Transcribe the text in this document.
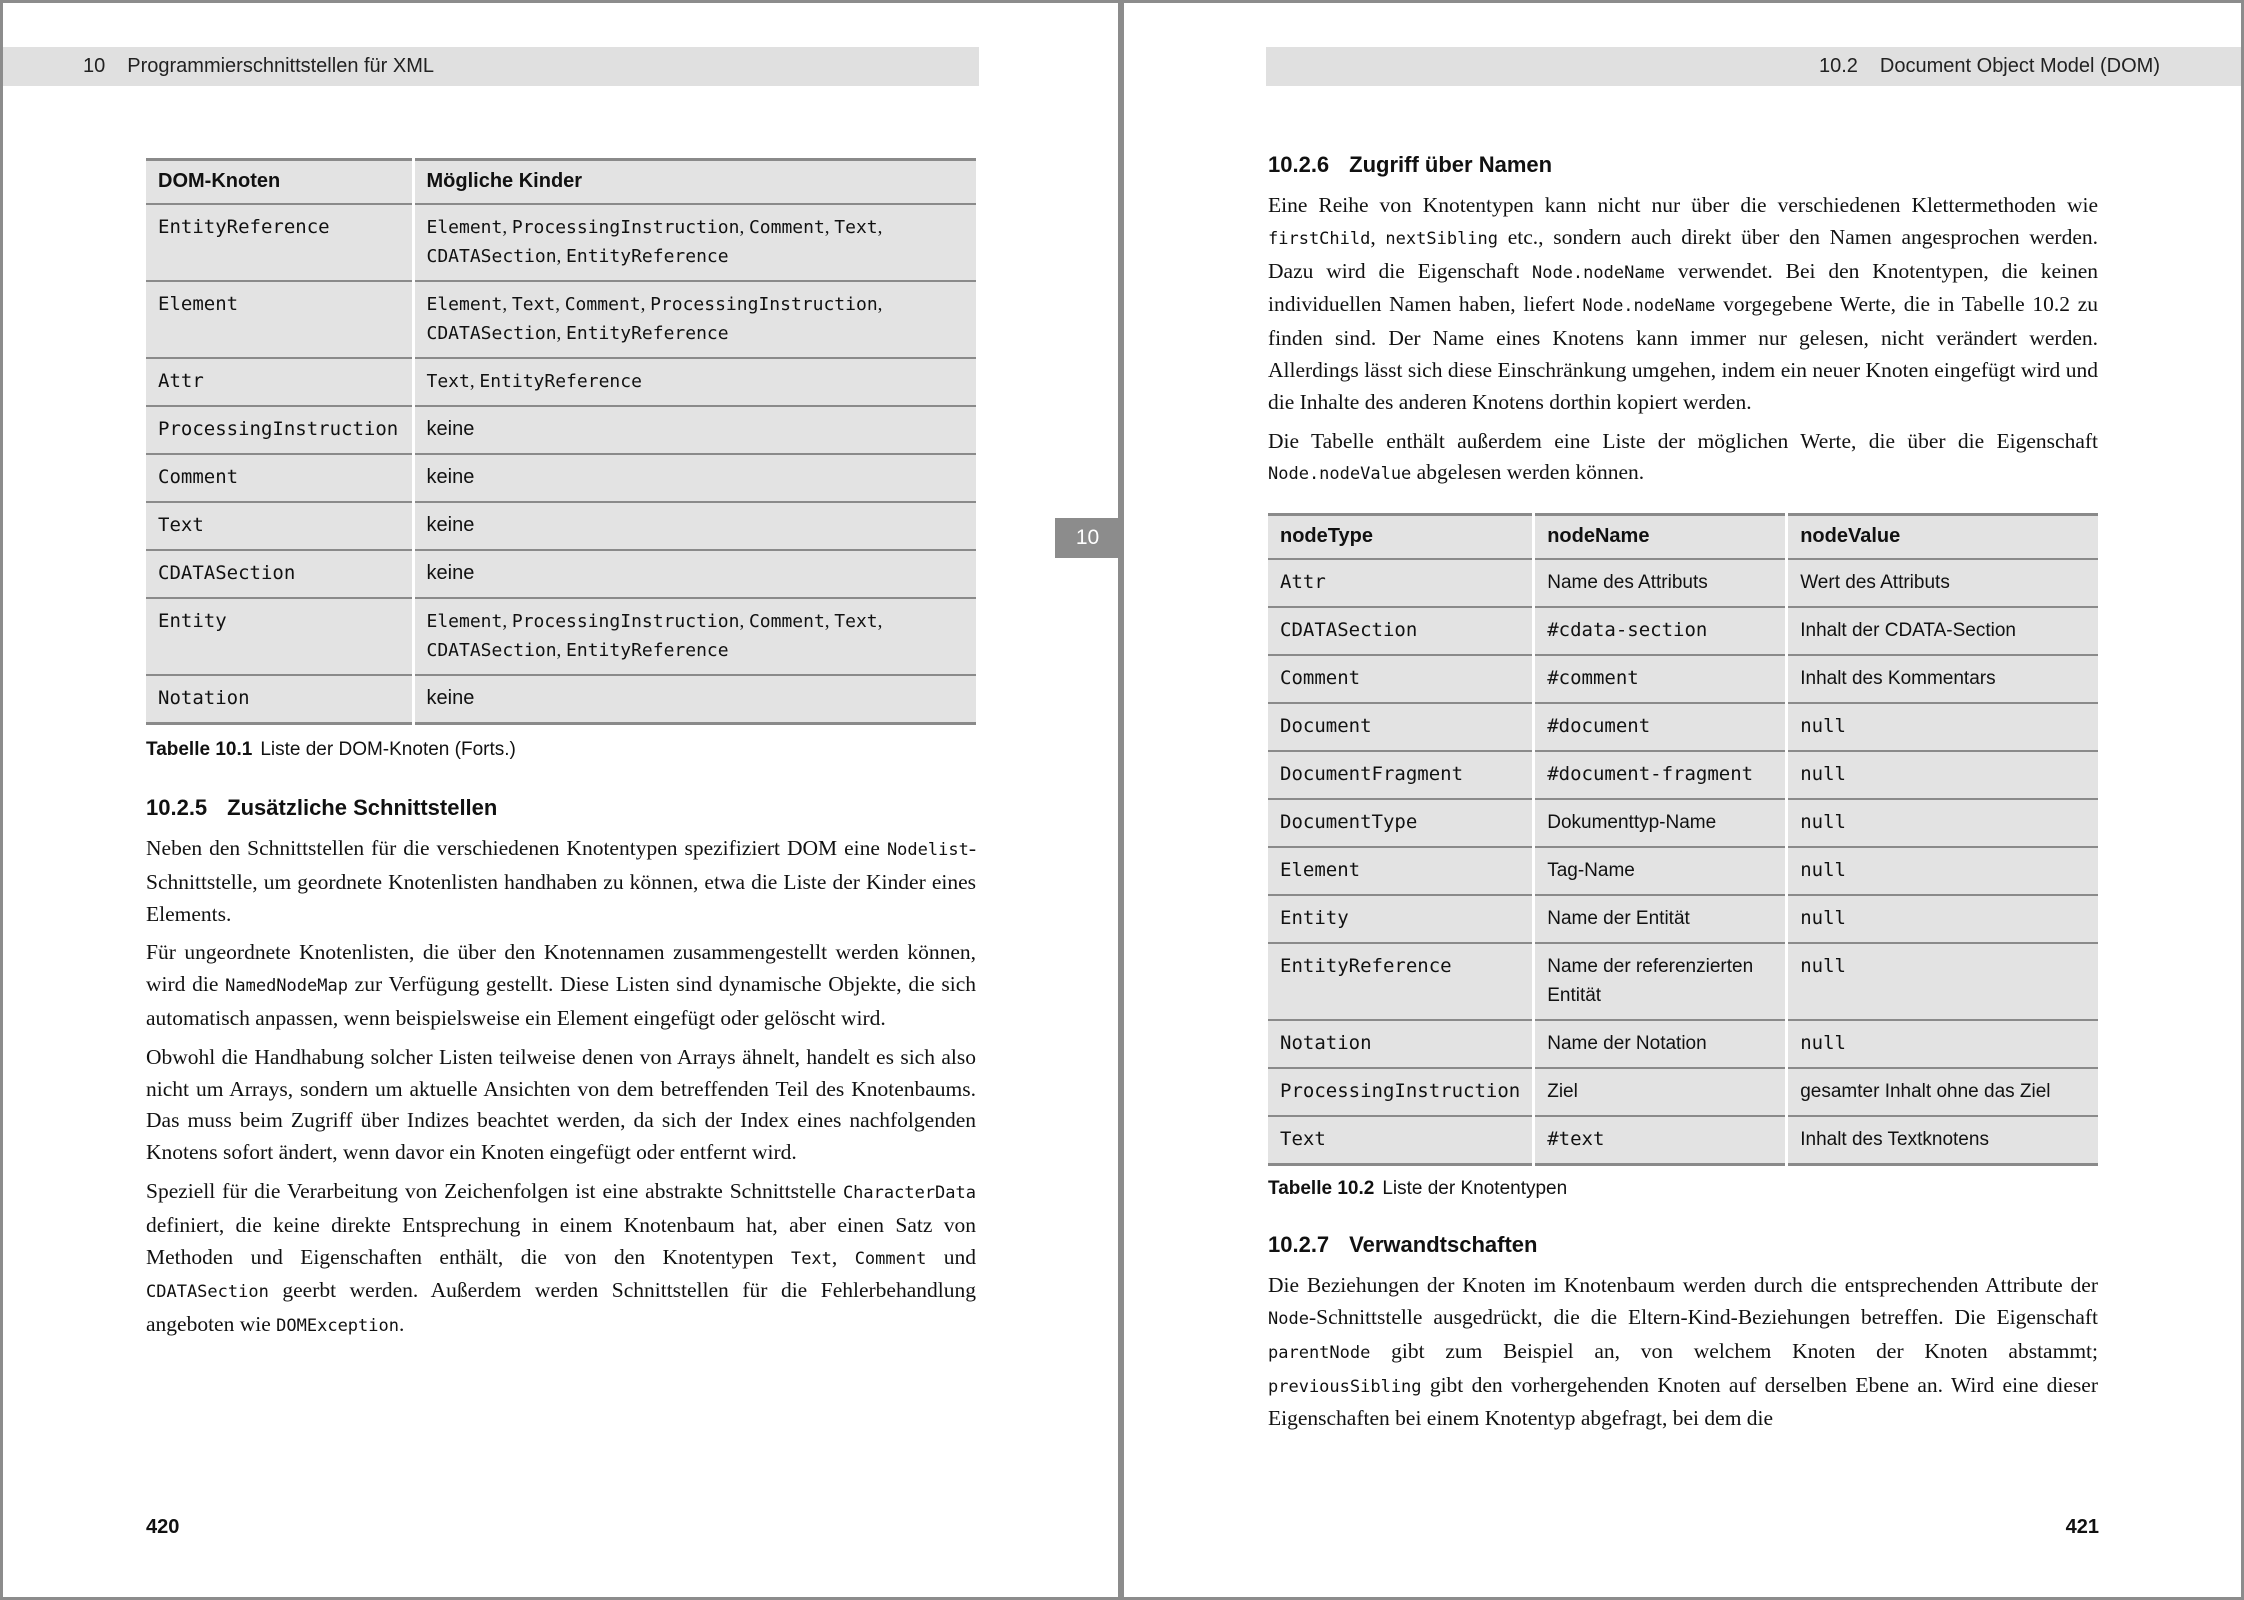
10 Programmierschnittstellen für XML
DOM-Knoten	Mögliche Kinder
EntityReference	Element, ProcessingInstruction, Comment, Text,
CDATASection, EntityReference
Element	Element, Text, Comment, ProcessingInstruction,
CDATASection, EntityReference
Attr	Text, EntityReference
ProcessingInstruction	keine
Comment	keine
Text	keine
CDATASection	keine
Entity	Element, ProcessingInstruction, Comment, Text,
CDATASection, EntityReference
Notation	keine
Tabelle 10.1 Liste der DOM-Knoten (Forts.)
10.2.5 Zusätzliche Schnittstellen

Neben den Schnittstellen für die verschiedenen Knotentypen spezifiziert DOM eine Nodelist-Schnittstelle, um geordnete Knotenlisten handhaben zu können, etwa die Liste der Kinder eines Elements.

Für ungeordnete Knotenlisten, die über den Knotennamen zusammengestellt werden können, wird die NamedNodeMap zur Verfügung gestellt. Diese Listen sind dynamische Objekte, die sich automatisch anpassen, wenn beispielsweise ein Element eingefügt oder gelöscht wird.

Obwohl die Handhabung solcher Listen teilweise denen von Arrays ähnelt, handelt es sich also nicht um Arrays, sondern um aktuelle Ansichten von dem betreffenden Teil des Knotenbaums. Das muss beim Zugriff über Indizes beachtet werden, da sich der Index eines nachfolgenden Knotens sofort ändert, wenn davor ein Knoten eingefügt oder entfernt wird.

Speziell für die Verarbeitung von Zeichenfolgen ist eine abstrakte Schnittstelle CharacterData definiert, die keine direkte Entsprechung in einem Knotenbaum hat, aber einen Satz von Methoden und Eigenschaften enthält, die von den Knotentypen Text, Comment und CDATASection geerbt werden. Außerdem werden Schnittstellen für die Fehlerbehandlung angeboten wie DOMException.

420
10.2 Document Object Model (DOM)
10.2.6 Zugriff über Namen

Eine Reihe von Knotentypen kann nicht nur über die verschiedenen Klettermethoden wie firstChild, nextSibling etc., sondern auch direkt über den Namen angesprochen werden. Dazu wird die Eigenschaft Node.nodeName verwendet. Bei den Knotentypen, die keinen individuellen Namen haben, liefert Node.nodeName vorgegebene Werte, die in Tabelle 10.2 zu finden sind. Der Name eines Knotens kann immer nur gelesen, nicht verändert werden. Allerdings lässt sich diese Einschränkung umgehen, indem ein neuer Knoten eingefügt wird und die Inhalte des anderen Knotens dorthin kopiert werden.

Die Tabelle enthält außerdem eine Liste der möglichen Werte, die über die Eigenschaft Node.nodeValue abgelesen werden können.

nodeType	nodeName	nodeValue
Attr	Name des Attributs	Wert des Attributs
CDATASection	#cdata-section	Inhalt der CDATA-Section
Comment	#comment	Inhalt des Kommentars
Document	#document	null
DocumentFragment	#document-fragment	null
DocumentType	Dokumenttyp-Name	null
Element	Tag-Name	null
Entity	Name der Entität	null
EntityReference	Name der referenzierten Entität	null
Notation	Name der Notation	null
ProcessingInstruction	Ziel	gesamter Inhalt ohne das Ziel
Text	#text	Inhalt des Textknotens
Tabelle 10.2 Liste der Knotentypen
10.2.7 Verwandtschaften

Die Beziehungen der Knoten im Knotenbaum werden durch die entsprechenden Attribute der Node-Schnittstelle ausgedrückt, die die Eltern-Kind-Beziehungen betreffen. Die Eigenschaft parentNode gibt zum Beispiel an, von welchem Knoten der Knoten abstammt; previousSibling gibt den vorhergehenden Knoten auf derselben Ebene an. Wird eine dieser Eigenschaften bei einem Knotentyp abgefragt, bei dem die

421
10
